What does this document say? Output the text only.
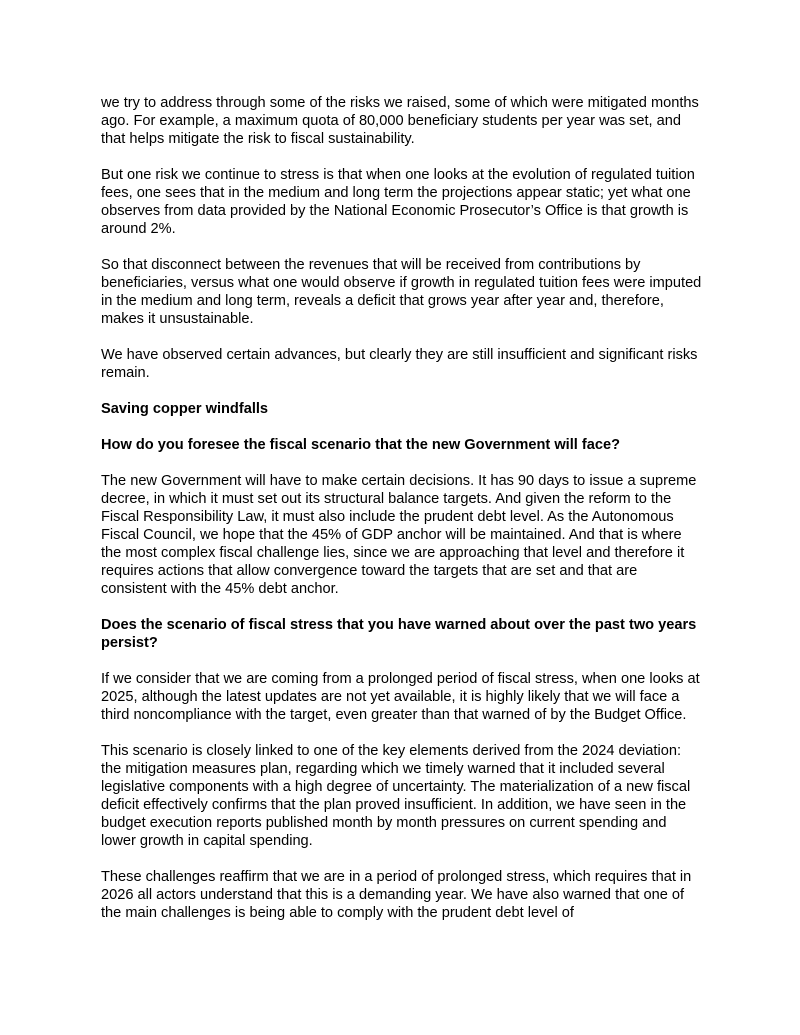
we try to address through some of the risks we raised, some of which were mitigated months ago. For example, a maximum quota of 80,000 beneficiary students per year was set, and that helps mitigate the risk to fiscal sustainability.

But one risk we continue to stress is that when one looks at the evolution of regulated tuition fees, one sees that in the medium and long term the projections appear static; yet what one observes from data provided by the National Economic Prosecutor’s Office is that growth is around 2%.

So that disconnect between the revenues that will be received from contributions by beneficiaries, versus what one would observe if growth in regulated tuition fees were imputed in the medium and long term, reveals a deficit that grows year after year and, therefore, makes it unsustainable.

We have observed certain advances, but clearly they are still insufficient and significant risks remain.

Saving copper windfalls

How do you foresee the fiscal scenario that the new Government will face?

The new Government will have to make certain decisions. It has 90 days to issue a supreme decree, in which it must set out its structural balance targets. And given the reform to the Fiscal Responsibility Law, it must also include the prudent debt level. As the Autonomous Fiscal Council, we hope that the 45% of GDP anchor will be maintained. And that is where the most complex fiscal challenge lies, since we are approaching that level and therefore it requires actions that allow convergence toward the targets that are set and that are consistent with the 45% debt anchor.

Does the scenario of fiscal stress that you have warned about over the past two years persist?

If we consider that we are coming from a prolonged period of fiscal stress, when one looks at 2025, although the latest updates are not yet available, it is highly likely that we will face a third noncompliance with the target, even greater than that warned of by the Budget Office.

This scenario is closely linked to one of the key elements derived from the 2024 deviation: the mitigation measures plan, regarding which we timely warned that it included several legislative components with a high degree of uncertainty. The materialization of a new fiscal deficit effectively confirms that the plan proved insufficient. In addition, we have seen in the budget execution reports published month by month pressures on current spending and lower growth in capital spending.

These challenges reaffirm that we are in a period of prolonged stress, which requires that in 2026 all actors understand that this is a demanding year. We have also warned that one of the main challenges is being able to comply with the prudent debt level of
